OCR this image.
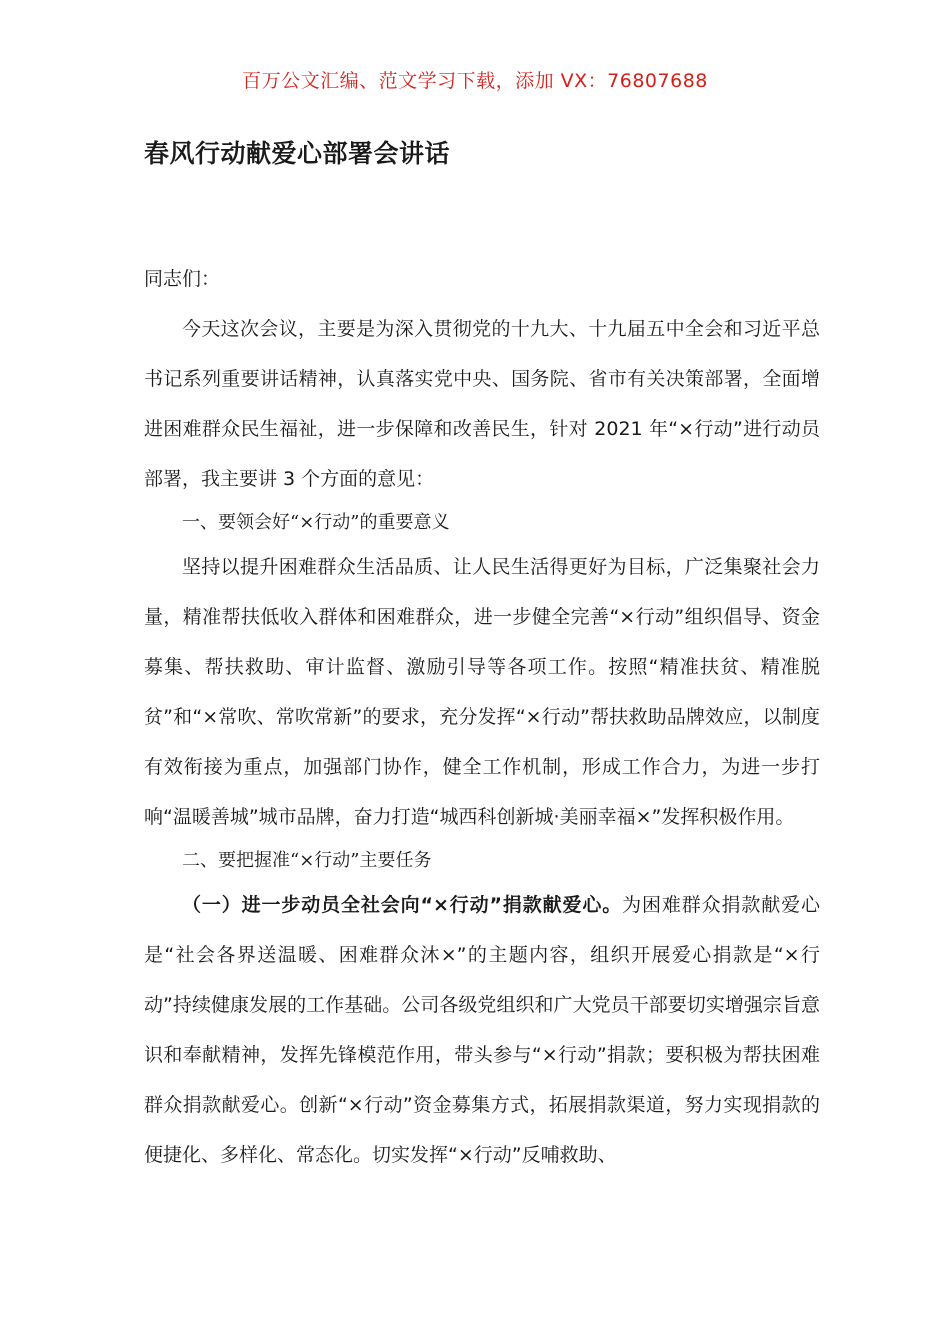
百万公文汇编、范文学习下载，添加 VX：76807688
春风行动献爱心部署会讲话

同志们：

今天这次会议，主要是为深入贯彻党的十九大、十九届五中全会和习近平总书记系列重要讲话精神，认真落实党中央、国务院、省市有关决策部署，全面增进困难群众民生福祉，进一步保障和改善民生，针对 2021 年“×行动”进行动员部署，我主要讲 3 个方面的意见：

一、要领会好“×行动”的重要意义

坚持以提升困难群众生活品质、让人民生活得更好为目标，广泛集聚社会力量，精准帮扶低收入群体和困难群众，进一步健全完善“×行动”组织倡导、资金募集、帮扶救助、审计监督、激励引导等各项工作。按照“精准扶贫、精准脱贫”和“×常吹、常吹常新”的要求，充分发挥“×行动”帮扶救助品牌效应，以制度有效衔接为重点，加强部门协作，健全工作机制，形成工作合力，为进一步打响“温暖善城”城市品牌，奋力打造“城西科创新城·美丽幸福×”发挥积极作用。

二、要把握准“×行动”主要任务

（一）进一步动员全社会向“×行动”捐款献爱心。为困难群众捐款献爱心是“社会各界送温暖、困难群众沐×”的主题内容，组织开展爱心捐款是“×行动”持续健康发展的工作基础。公司各级党组织和广大党员干部要切实增强宗旨意识和奉献精神，发挥先锋模范作用，带头参与“×行动”捐款；要积极为帮扶困难群众捐款献爱心。创新“×行动”资金募集方式，拓展捐款渠道，努力实现捐款的便捷化、多样化、常态化。切实发挥“×行动”反哺救助、
